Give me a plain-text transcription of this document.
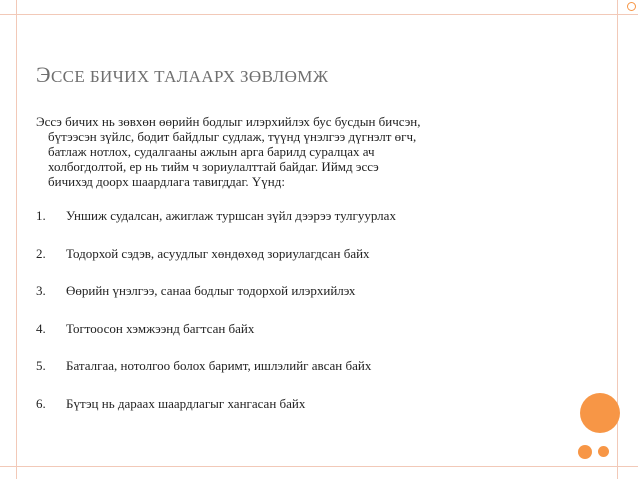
ЭССЕ БИЧИХ ТАЛААРХ ЗӨВЛӨМЖ
Эссэ бичих нь зөвхөн өөрийн бодлыг илэрхийлэх бус бусдын бичсэн,
бүтээсэн зүйлс, бодит байдлыг судлаж, түүнд үнэлгээ дүгнэлт өгч,
батлаж нотлох, судалгааны ажлын арга барилд суралцах ач
холбогдолтой, ер нь тийм ч зориулалттай байдаг. Иймд эссэ
бичихэд доорх шаардлага тавигддаг. Үүнд:
1. Уншиж судалсан, ажиглаж туршсан зүйл дээрээ тулгуурлах
2. Тодорхой сэдэв, асуудлыг хөндөхөд зориулагдсан байх
3. Өөрийн үнэлгээ, санаа бодлыг тодорхой илэрхийлэх
4. Тогтоосон хэмжээнд багтсан байх
5. Баталгаа, нотолгоо болох баримт, ишлэлийг авсан байх
6. Бүтэц нь дараах шаардлагыг хангасан байх
